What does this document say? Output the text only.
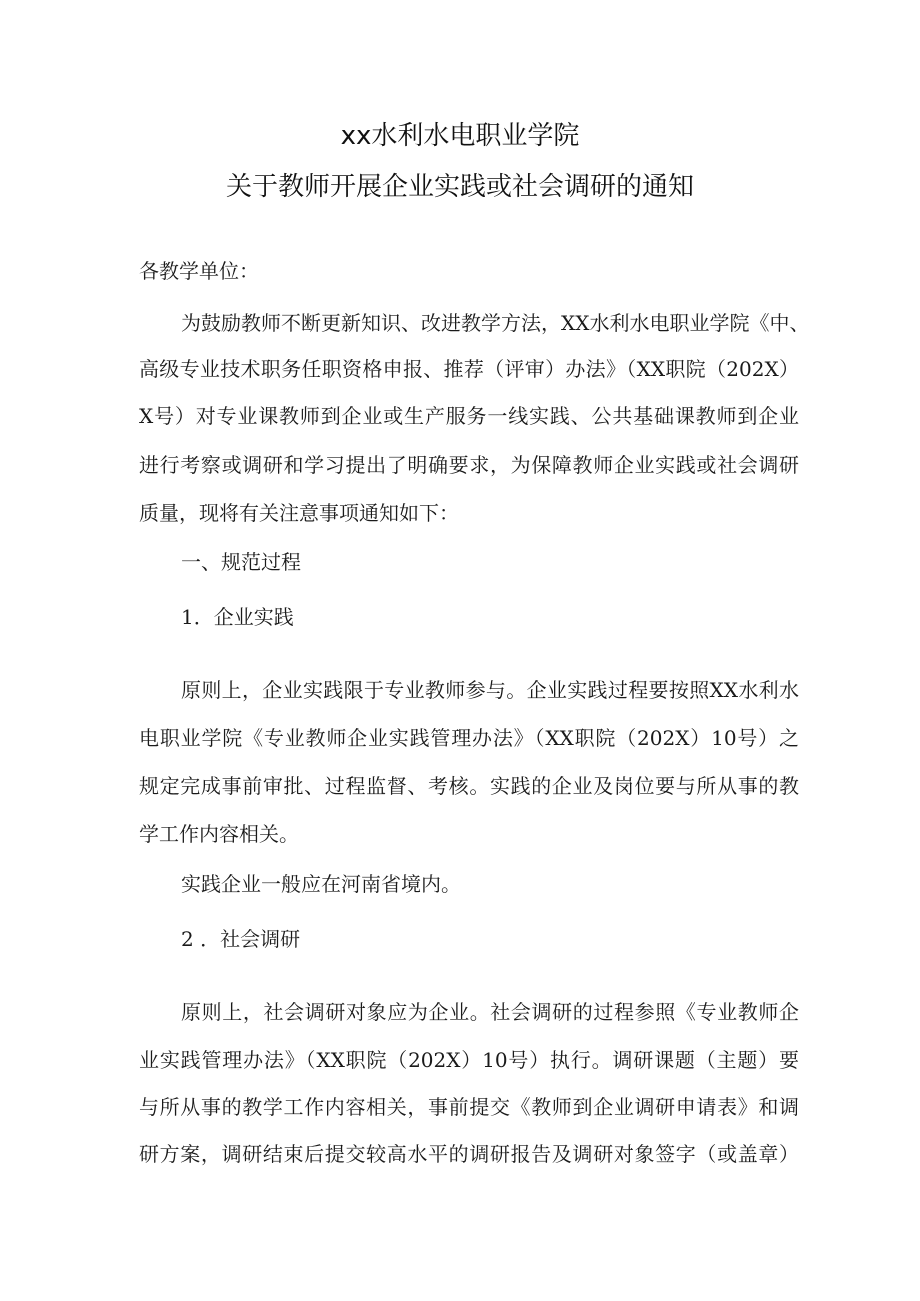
xx水利水电职业学院
关于教师开展企业实践或社会调研的通知
各教学单位：
为鼓励教师不断更新知识、改进教学方法，XX水利水电职业学院《中、
高级专业技术职务任职资格申报、推荐（评审）办法》（XX职院（202X）
X号）对专业课教师到企业或生产服务一线实践、公共基础课教师到企业
进行考察或调研和学习提出了明确要求，为保障教师企业实践或社会调研
质量，现将有关注意事项通知如下：
一、规范过程
1．企业实践
原则上，企业实践限于专业教师参与。企业实践过程要按照XX水利水
电职业学院《专业教师企业实践管理办法》（XX职院（202X）10号）之
规定完成事前审批、过程监督、考核。实践的企业及岗位要与所从事的教
学工作内容相关。
实践企业一般应在河南省境内。
2 ．社会调研
原则上，社会调研对象应为企业。社会调研的过程参照《专业教师企
业实践管理办法》（XX职院（202X）10号）执行。调研课题（主题）要
与所从事的教学工作内容相关，事前提交《教师到企业调研申请表》和调
研方案，调研结束后提交较高水平的调研报告及调研对象签字（或盖章）
